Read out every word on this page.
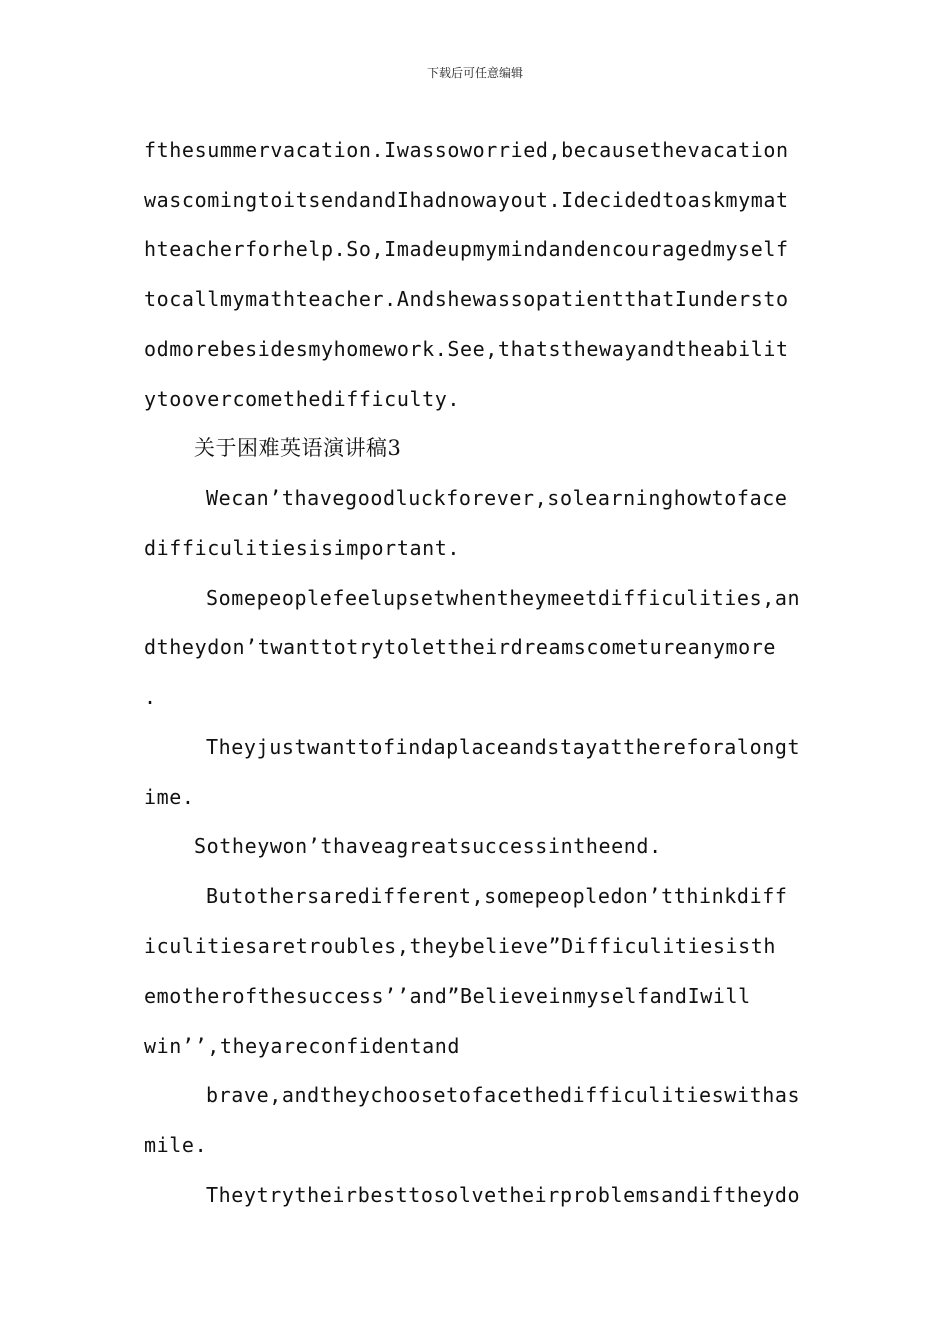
下载后可任意编辑
fthesummervacation.Iwassoworried,becausethevacation
wascomingtoitsendandIhadnowayout.Idecidedtoaskmymat
hteacherforhelp.So,Imadeupmymindandencouragedmyself
tocallmymathteacher.AndshewassopatientthatIundersto
odmorebesidesmyhomework.See,thatsthewayandtheabilit
ytoovercomethedifficulty.
关于困难英语演讲稿3
Wecan’thavegoodluckforever,solearninghowtoface
difficulitiesisimportant.
Somepeoplefeelupsetwhentheymeetdifficulities,an
dtheydon’twanttotrytolettheirdreamscometureanymore
.
Theyjustwanttofindaplaceandstayatthereforalongt
ime.
Sotheywon’thaveagreatsuccessintheend.
Butothersaredifferent,somepeopledon’tthinkdiff
iculitiesaretroubles,theybelieve”Difficulitiesisth
emotherofthesuccess’’and”BelieveinmyselfandIwill
win’’,theyareconfidentand
brave,andtheychoosetofacethedifficulitieswithas
mile.
Theytrytheirbesttosolvetheirproblemsandiftheydo
